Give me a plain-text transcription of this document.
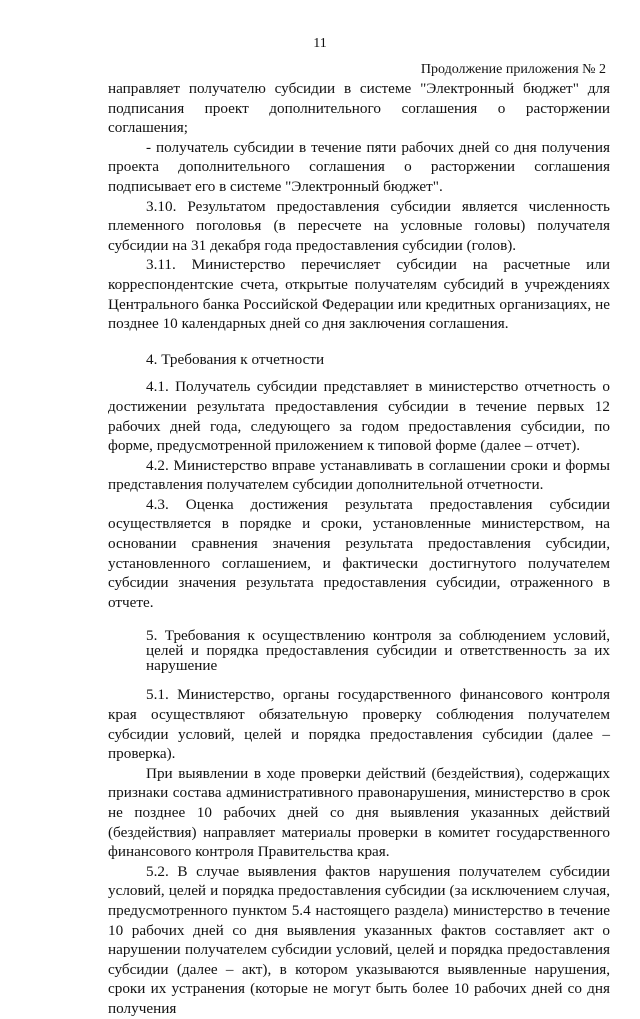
11
Продолжение приложения № 2

направляет получателю субсидии в системе "Электронный бюджет" для подписания проект дополнительного соглашения о расторжении соглашения;

- получатель субсидии в течение пяти рабочих дней со дня получения проекта дополнительного соглашения о расторжении соглашения подписывает его в системе "Электронный бюджет".

3.10. Результатом предоставления субсидии является численность племенного поголовья (в пересчете на условные головы) получателя субсидии на 31 декабря года предоставления субсидии (голов).

3.11. Министерство перечисляет субсидии на расчетные или корреспондентские счета, открытые получателям субсидий в учреждениях Центрального банка Российской Федерации или кредитных организациях, не позднее 10 календарных дней со дня заключения соглашения.

4. Требования к отчетности

4.1. Получатель субсидии представляет в министерство отчетность о достижении результата предоставления субсидии в течение первых 12 рабочих дней года, следующего за годом предоставления субсидии, по форме, предусмотренной приложением к типовой форме (далее – отчет).

4.2. Министерство вправе устанавливать в соглашении сроки и формы представления получателем субсидии дополнительной отчетности.

4.3. Оценка достижения результата предоставления субсидии осуществляется в порядке и сроки, установленные министерством, на основании сравнения значения результата предоставления субсидии, установленного соглашением, и фактически достигнутого получателем субсидии значения результата предоставления субсидии, отраженного в отчете.

5. Требования к осуществлению контроля за соблюдением условий, целей и порядка предоставления субсидии и ответственность за их нарушение

5.1. Министерство, органы государственного финансового контроля края осуществляют обязательную проверку соблюдения получателем субсидии условий, целей и порядка предоставления субсидии (далее – проверка).

При выявлении в ходе проверки действий (бездействия), содержащих признаки состава административного правонарушения, министерство в срок не позднее 10 рабочих дней со дня выявления указанных действий (бездействия) направляет материалы проверки в комитет государственного финансового контроля Правительства края.

5.2. В случае выявления фактов нарушения получателем субсидии условий, целей и порядка предоставления субсидии (за исключением случая, предусмотренного пунктом 5.4 настоящего раздела) министерство в течение 10 рабочих дней со дня выявления указанных фактов составляет акт о нарушении получателем субсидии условий, целей и порядка предоставления субсидии (далее – акт), в котором указываются выявленные нарушения, сроки их устранения (которые не могут быть более 10 рабочих дней со дня получения
